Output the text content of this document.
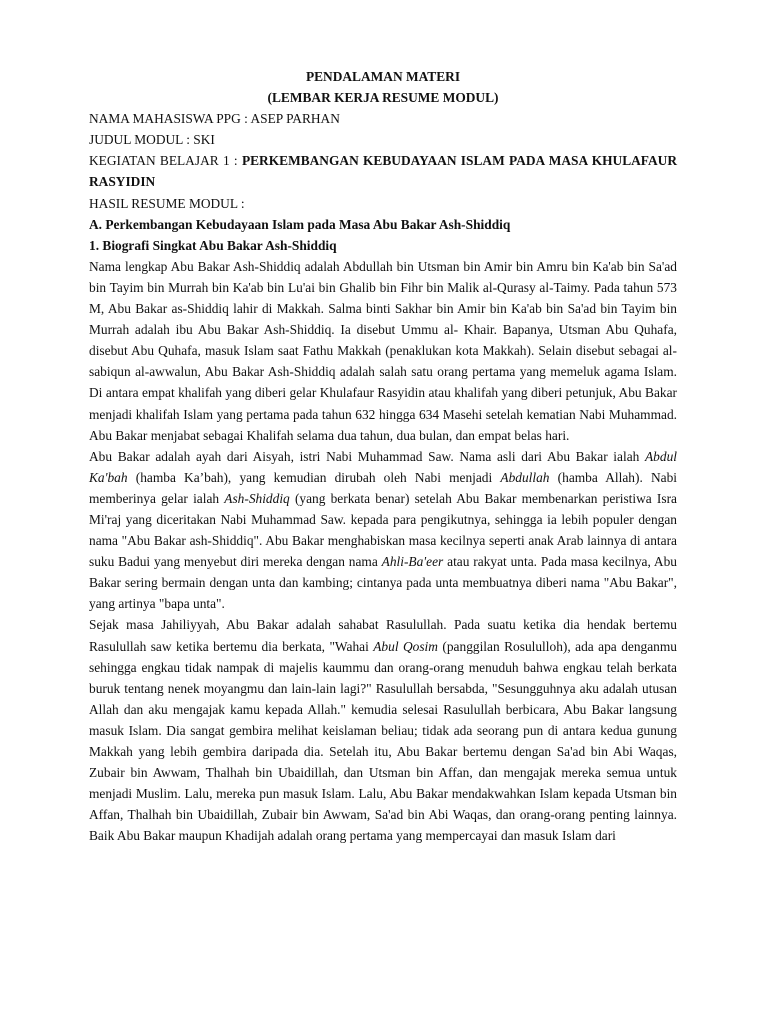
PENDALAMAN MATERI
(LEMBAR KERJA RESUME MODUL)
NAMA MAHASISWA PPG : ASEP PARHAN
JUDUL MODUL : SKI

KEGIATAN BELAJAR 1 : PERKEMBANGAN KEBUDAYAAN ISLAM PADA MASA KHULAFAUR RASYIDIN

HASIL RESUME MODUL :
A. Perkembangan Kebudayaan Islam pada Masa Abu Bakar Ash-Shiddiq
1. Biografi Singkat Abu Bakar Ash-Shiddiq

Nama lengkap Abu Bakar Ash-Shiddiq adalah Abdullah bin Utsman bin Amir bin Amru bin Ka'ab bin Sa'ad bin Tayim bin Murrah bin Ka'ab bin Lu'ai bin Ghalib bin Fihr bin Malik al-Qurasy al-Taimy. Pada tahun 573 M, Abu Bakar as-Shiddiq lahir di Makkah. Salma binti Sakhar bin Amir bin Ka'ab bin Sa'ad bin Tayim bin Murrah adalah ibu Abu Bakar Ash-Shiddiq. Ia disebut Ummu al- Khair. Bapanya, Utsman Abu Quhafa, disebut Abu Quhafa, masuk Islam saat Fathu Makkah (penaklukan kota Makkah). Selain disebut sebagai al-sabiqun al-awwalun, Abu Bakar Ash-Shiddiq adalah salah satu orang pertama yang memeluk agama Islam. Di antara empat khalifah yang diberi gelar Khulafaur Rasyidin atau khalifah yang diberi petunjuk, Abu Bakar menjadi khalifah Islam yang pertama pada tahun 632 hingga 634 Masehi setelah kematian Nabi Muhammad. Abu Bakar menjabat sebagai Khalifah selama dua tahun, dua bulan, dan empat belas hari.

Abu Bakar adalah ayah dari Aisyah, istri Nabi Muhammad Saw. Nama asli dari Abu Bakar ialah Abdul Ka'bah (hamba Ka’bah), yang kemudian dirubah oleh Nabi menjadi Abdullah (hamba Allah). Nabi memberinya gelar ialah Ash-Shiddiq (yang berkata benar) setelah Abu Bakar membenarkan peristiwa Isra Mi'raj yang diceritakan Nabi Muhammad Saw. kepada para pengikutnya, sehingga ia lebih populer dengan nama "Abu Bakar ash-Shiddiq". Abu Bakar menghabiskan masa kecilnya seperti anak Arab lainnya di antara suku Badui yang menyebut diri mereka dengan nama Ahli-Ba'eer atau rakyat unta. Pada masa kecilnya, Abu Bakar sering bermain dengan unta dan kambing; cintanya pada unta membuatnya diberi nama "Abu Bakar", yang artinya "bapa unta".

Sejak masa Jahiliyyah, Abu Bakar adalah sahabat Rasulullah. Pada suatu ketika dia hendak bertemu Rasulullah saw ketika bertemu dia berkata, "Wahai Abul Qosim (panggilan Rosululloh), ada apa denganmu sehingga engkau tidak nampak di majelis kaummu dan orang-orang menuduh bahwa engkau telah berkata buruk tentang nenek moyangmu dan lain-lain lagi?" Rasulullah bersabda, "Sesungguhnya aku adalah utusan Allah dan aku mengajak kamu kepada Allah." kemudia selesai Rasulullah berbicara, Abu Bakar langsung masuk Islam. Dia sangat gembira melihat keislaman beliau; tidak ada seorang pun di antara kedua gunung Makkah yang lebih gembira daripada dia. Setelah itu, Abu Bakar bertemu dengan Sa'ad bin Abi Waqas, Zubair bin Awwam, Thalhah bin Ubaidillah, dan Utsman bin Affan, dan mengajak mereka semua untuk menjadi Muslim. Lalu, mereka pun masuk Islam. Lalu, Abu Bakar mendakwahkan Islam kepada Utsman bin Affan, Thalhah bin Ubaidillah, Zubair bin Awwam, Sa'ad bin Abi Waqas, dan orang-orang penting lainnya. Baik Abu Bakar maupun Khadijah adalah orang pertama yang mempercayai dan masuk Islam dari
